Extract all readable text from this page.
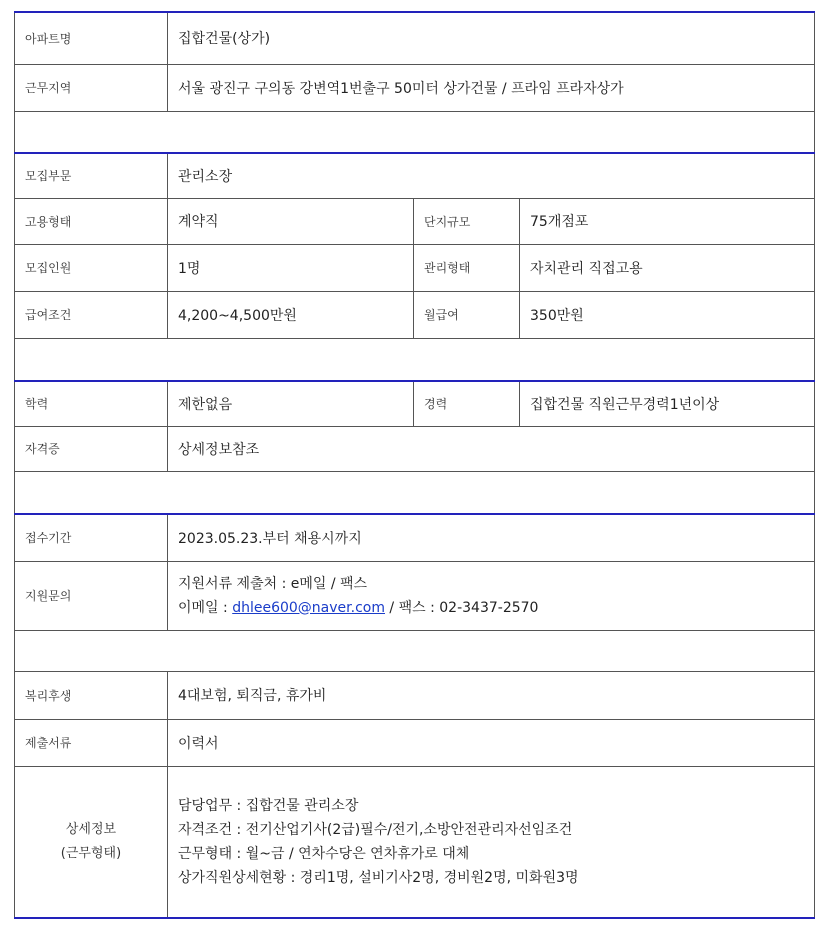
아파트명	집합건물(상가)		
근무지역	서울 광진구 구의동 강변역1번출구 50미터 상가건물 / 프라임 프라자상가		

모집부문	관리소장		
고용형태	계약직	단지규모	75개점포
모집인원	1명	관리형태	자치관리 직접고용
급여조건	4,200~4,500만원	월급여	350만원

학력	제한없음	경력	집합건물 직원근무경력1년이상
자격증	상세정보참조		

접수기간	2023.05.23.부터 채용시까지		
지원문의	지원서류 제출처 : e메일 / 팩스
이메일 : dhlee600@naver.com / 팩스 : 02-3437-2570		

복리후생	4대보험, 퇴직금, 휴가비		
제출서류	이력서		

상세정보
(근무형태)	담당업무 : 집합건물 관리소장
자격조건 : 전기산업기사(2급)필수/전기,소방안전관리자선임조건
근무형태 : 월~금 / 연차수당은 연차휴가로 대체
상가직원상세현황 : 경리1명, 설비기사2명, 경비원2명, 미화원3명		
